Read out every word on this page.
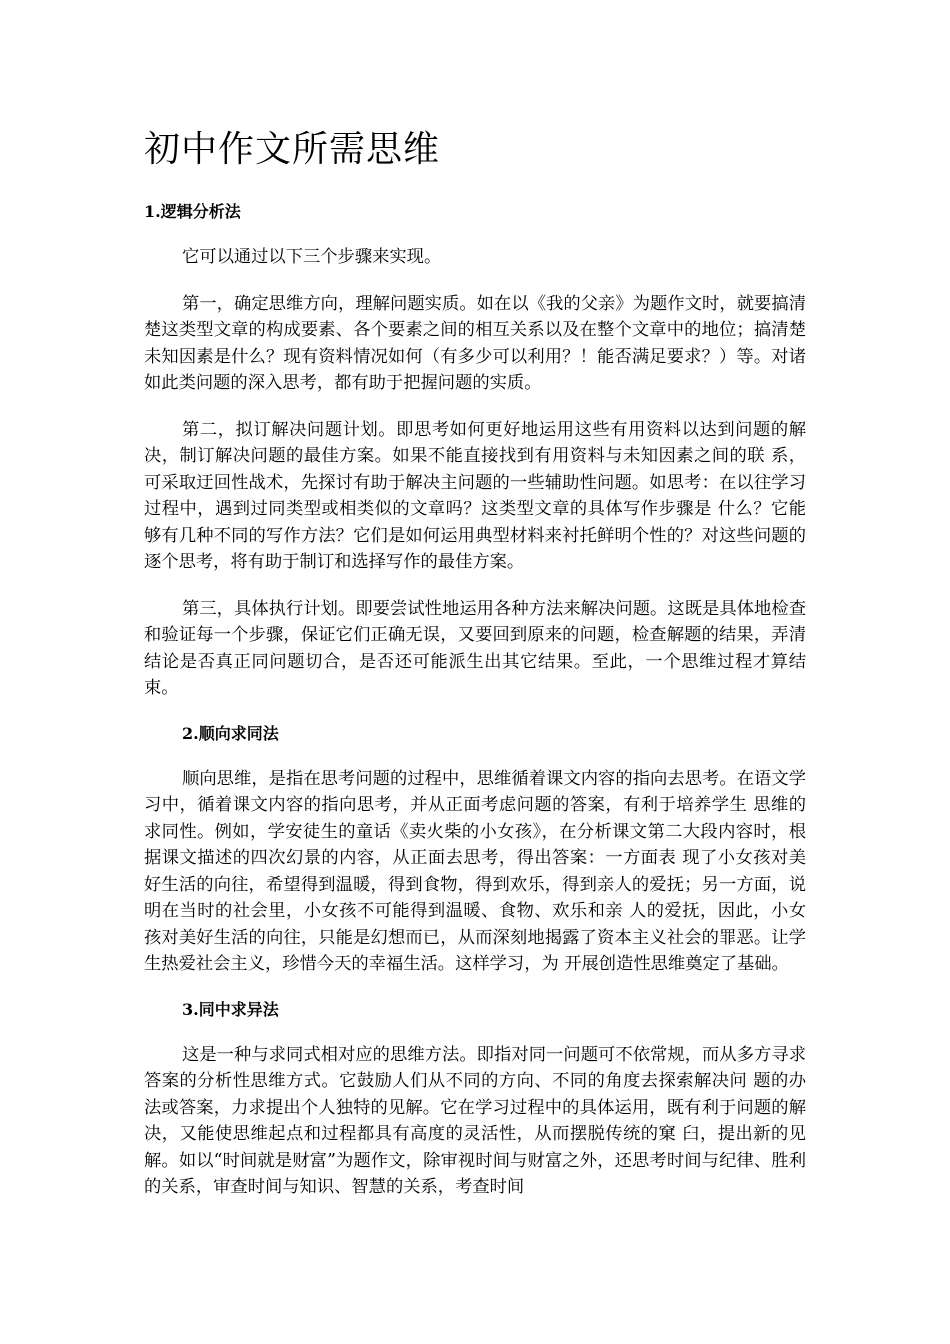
初中作文所需思维
1.逻辑分析法

它可以通过以下三个步骤来实现。

第一，确定思维方向，理解问题实质。如在以《我的父亲》为题作文时，就要搞清楚这类型文章的构成要素、各个要素之间的相互关系以及在整个文章中的地位；搞清楚未知因素是什么？现有资料情况如何（有多少可以利用？！能否满足要求？）等。对诸如此类问题的深入思考，都有助于把握问题的实质。

第二，拟订解决问题计划。即思考如何更好地运用这些有用资料以达到问题的解决，制订解决问题的最佳方案。如果不能直接找到有用资料与未知因素之间的联 系，可采取迂回性战术，先探讨有助于解决主问题的一些辅助性问题。如思考：在以往学习过程中，遇到过同类型或相类似的文章吗？这类型文章的具体写作步骤是 什么？它能够有几种不同的写作方法？它们是如何运用典型材料来衬托鲜明个性的？对这些问题的逐个思考，将有助于制订和选择写作的最佳方案。

第三，具体执行计划。即要尝试性地运用各种方法来解决问题。这既是具体地检查和验证每一个步骤，保证它们正确无误，又要回到原来的问题，检查解题的结果，弄清结论是否真正同问题切合，是否还可能派生出其它结果。至此，一个思维过程才算结束。

2.顺向求同法

顺向思维，是指在思考问题的过程中，思维循着课文内容的指向去思考。在语文学习中，循着课文内容的指向思考，并从正面考虑问题的答案，有利于培养学生 思维的求同性。例如，学安徒生的童话《卖火柴的小女孩》，在分析课文第二大段内容时，根据课文描述的四次幻景的内容，从正面去思考，得出答案：一方面表 现了小女孩对美好生活的向往，希望得到温暖，得到食物，得到欢乐，得到亲人的爱抚；另一方面，说明在当时的社会里，小女孩不可能得到温暖、食物、欢乐和亲 人的爱抚，因此，小女孩对美好生活的向往，只能是幻想而已，从而深刻地揭露了资本主义社会的罪恶。让学生热爱社会主义，珍惜今天的幸福生活。这样学习，为 开展创造性思维奠定了基础。

3.同中求异法

这是一种与求同式相对应的思维方法。即指对同一问题可不依常规，而从多方寻求答案的分析性思维方式。它鼓励人们从不同的方向、不同的角度去探索解决问 题的办法或答案，力求提出个人独特的见解。它在学习过程中的具体运用，既有利于问题的解决，又能使思维起点和过程都具有高度的灵活性，从而摆脱传统的窠 臼，提出新的见解。如以“时间就是财富”为题作文，除审视时间与财富之外，还思考时间与纪律、胜利的关系，审查时间与知识、智慧的关系，考查时间
